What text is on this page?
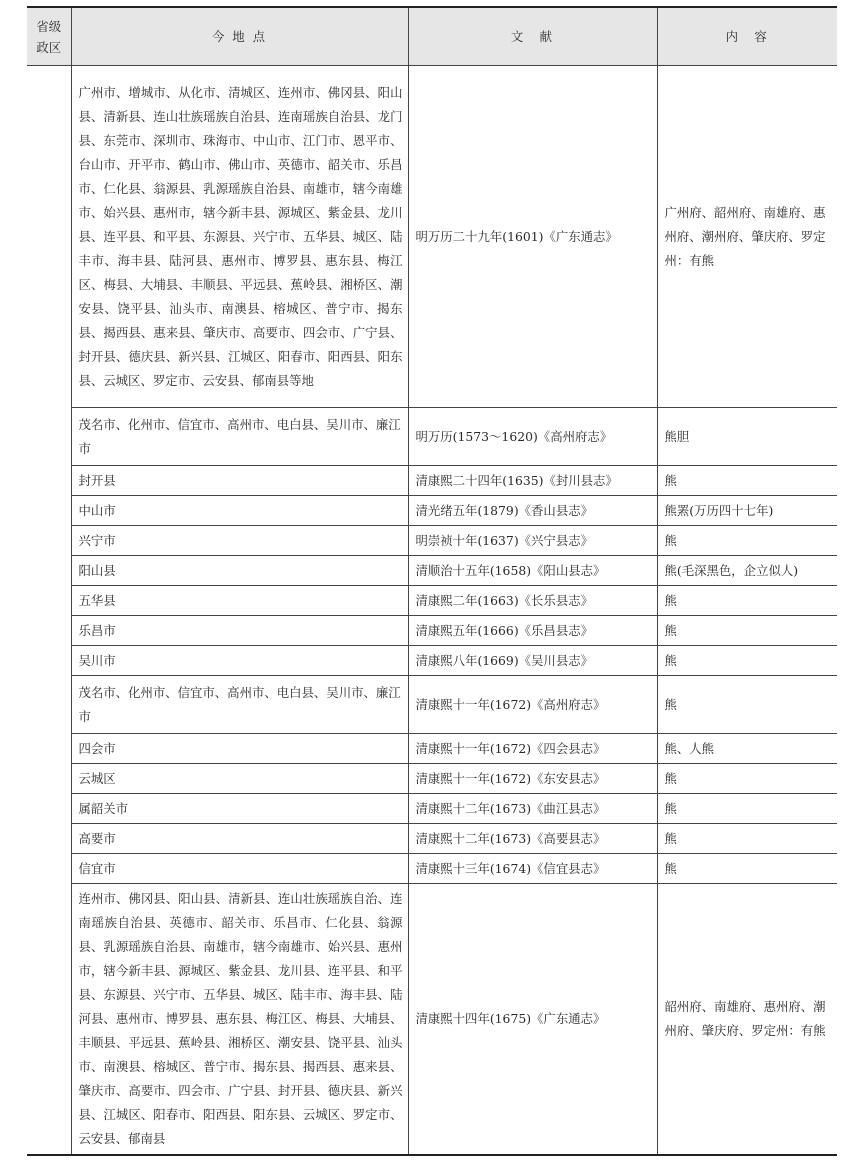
省级
政区	今 地 点	文　献	内　容
	广州市、增城市、从化市、清城区、连州市、佛冈县、阳山县、清新县、连山壮族瑶族自治县、连南瑶族自治县、龙门县、东莞市、深圳市、珠海市、中山市、江门市、恩平市、台山市、开平市、鹤山市、佛山市、英德市、韶关市、乐昌市、仁化县、翁源县、乳源瑶族自治县、南雄市，辖今南雄市、始兴县、惠州市，辖今新丰县、源城区、紫金县、龙川县、连平县、和平县、东源县、兴宁市、五华县、城区、陆丰市、海丰县、陆河县、惠州市、博罗县、惠东县、梅江区、梅县、大埔县、丰顺县、平远县、蕉岭县、湘桥区、潮安县、饶平县、汕头市、南澳县、榕城区、普宁市、揭东县、揭西县、惠来县、肇庆市、高要市、四会市、广宁县、封开县、德庆县、新兴县、江城区、阳春市、阳西县、阳东县、云城区、罗定市、云安县、郁南县等地	明万历二十九年(1601)《广东通志》	广州府、韶州府、南雄府、惠州府、潮州府、肇庆府、罗定州：有熊
	茂名市、化州市、信宜市、高州市、电白县、吴川市、廉江市	明万历(1573～1620)《高州府志》	熊胆
	封开县	清康熙二十四年(1635)《封川县志》	熊
	中山市	清光绪五年(1879)《香山县志》	熊罴(万历四十七年)
	兴宁市	明崇祯十年(1637)《兴宁县志》	熊
	阳山县	清顺治十五年(1658)《阳山县志》	熊(毛深黑色，企立似人)
	五华县	清康熙二年(1663)《长乐县志》	熊
	乐昌市	清康熙五年(1666)《乐昌县志》	熊
	吴川市	清康熙八年(1669)《吴川县志》	熊
	茂名市、化州市、信宜市、高州市、电白县、吴川市、廉江市	清康熙十一年(1672)《高州府志》	熊
	四会市	清康熙十一年(1672)《四会县志》	熊、人熊
	云城区	清康熙十一年(1672)《东安县志》	熊
	属韶关市	清康熙十二年(1673)《曲江县志》	熊
	高要市	清康熙十二年(1673)《高要县志》	熊
	信宜市	清康熙十三年(1674)《信宜县志》	熊
	连州市、佛冈县、阳山县、清新县、连山壮族瑶族自治、连南瑶族自治县、英德市、韶关市、乐昌市、仁化县、翁源县、乳源瑶族自治县、南雄市，辖今南雄市、始兴县、惠州市，辖今新丰县、源城区、紫金县、龙川县、连平县、和平县、东源县、兴宁市、五华县、城区、陆丰市、海丰县、陆河县、惠州市、博罗县、惠东县、梅江区、梅县、大埔县、丰顺县、平远县、蕉岭县、湘桥区、潮安县、饶平县、汕头市、南澳县、榕城区、普宁市、揭东县、揭西县、惠来县、肇庆市、高要市、四会市、广宁县、封开县、德庆县、新兴县、江城区、阳春市、阳西县、阳东县、云城区、罗定市、云安县、郁南县	清康熙十四年(1675)《广东通志》	韶州府、南雄府、惠州府、潮州府、肇庆府、罗定州：有熊
